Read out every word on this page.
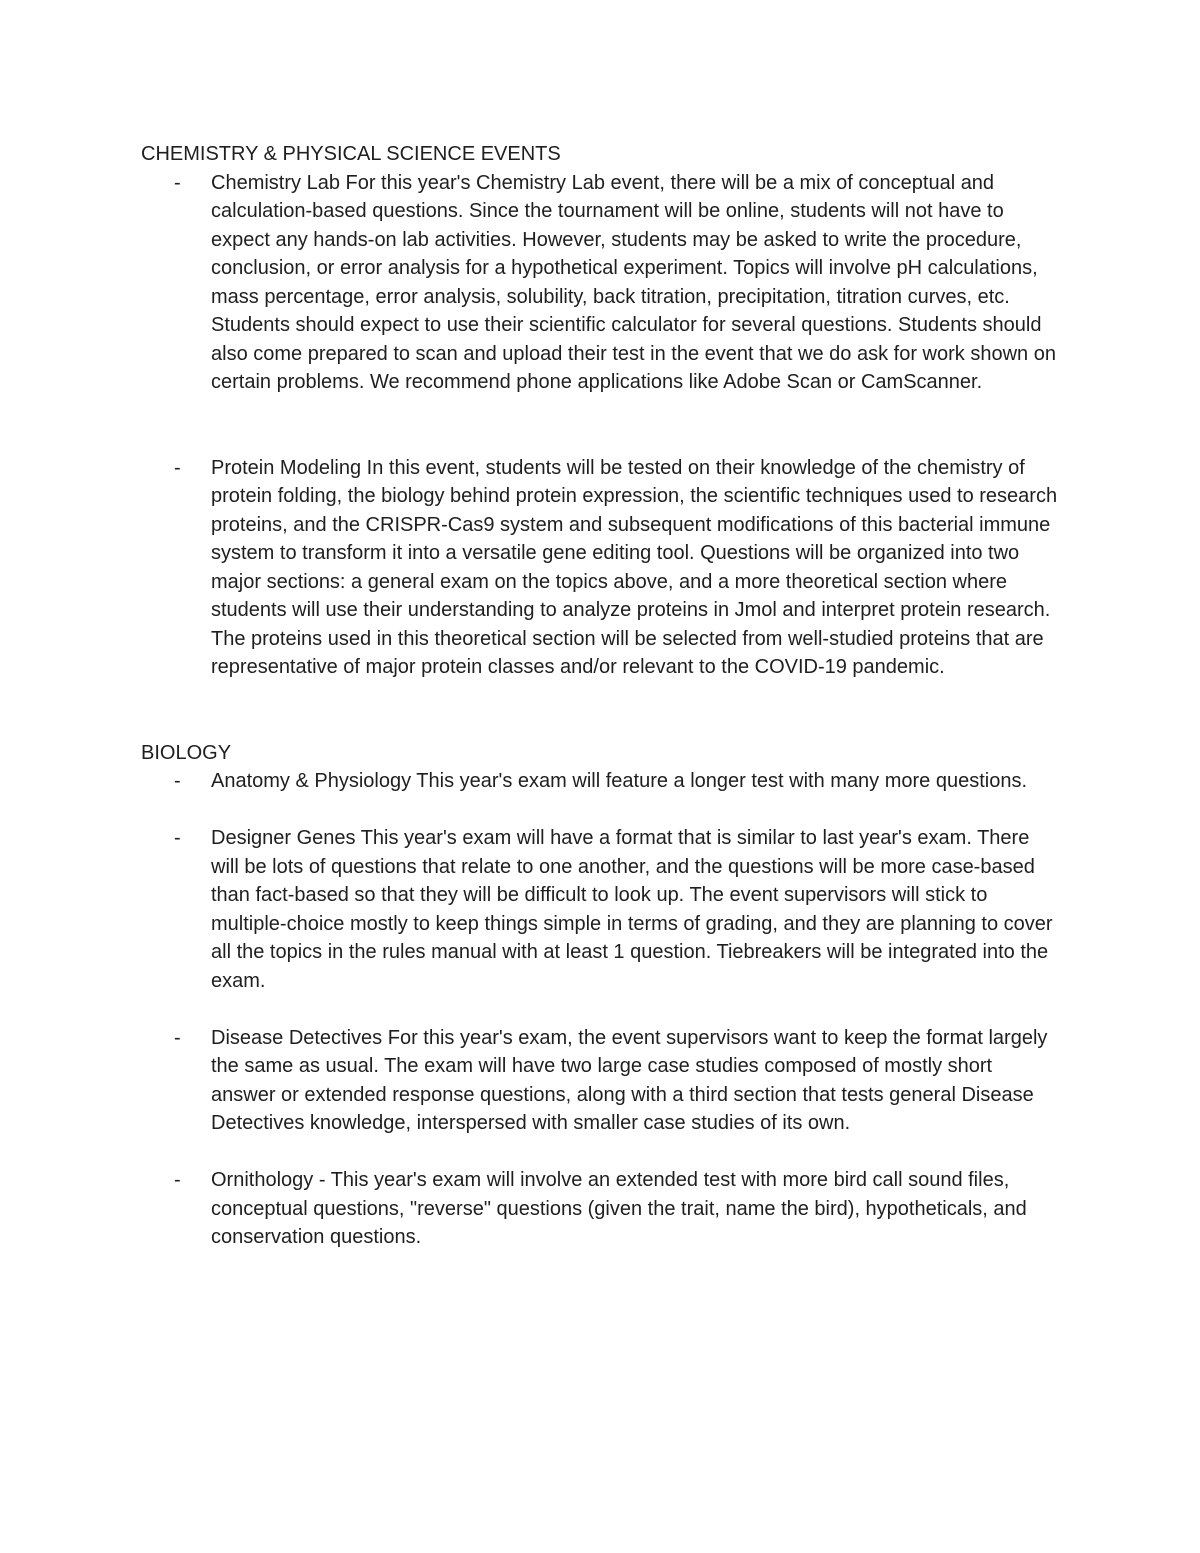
CHEMISTRY & PHYSICAL SCIENCE EVENTS
- Chemistry Lab For this year's Chemistry Lab event, there will be a mix of conceptual and calculation-based questions. Since the tournament will be online, students will not have to expect any hands-on lab activities. However, students may be asked to write the procedure, conclusion, or error analysis for a hypothetical experiment. Topics will involve pH calculations, mass percentage, error analysis, solubility, back titration, precipitation, titration curves, etc. Students should expect to use their scientific calculator for several questions. Students should also come prepared to scan and upload their test in the event that we do ask for work shown on certain problems. We recommend phone applications like Adobe Scan or CamScanner.
- Protein Modeling In this event, students will be tested on their knowledge of the chemistry of protein folding, the biology behind protein expression, the scientific techniques used to research proteins, and the CRISPR-Cas9 system and subsequent modifications of this bacterial immune system to transform it into a versatile gene editing tool. Questions will be organized into two major sections: a general exam on the topics above, and a more theoretical section where students will use their understanding to analyze proteins in Jmol and interpret protein research. The proteins used in this theoretical section will be selected from well-studied proteins that are representative of major protein classes and/or relevant to the COVID-19 pandemic.
BIOLOGY
- Anatomy & Physiology This year's exam will feature a longer test with many more questions.
- Designer Genes This year's exam will have a format that is similar to last year's exam. There will be lots of questions that relate to one another, and the questions will be more case-based than fact-based so that they will be difficult to look up. The event supervisors will stick to multiple-choice mostly to keep things simple in terms of grading, and they are planning to cover all the topics in the rules manual with at least 1 question. Tiebreakers will be integrated into the exam.
- Disease Detectives For this year's exam, the event supervisors want to keep the format largely the same as usual. The exam will have two large case studies composed of mostly short answer or extended response questions, along with a third section that tests general Disease Detectives knowledge, interspersed with smaller case studies of its own.
- Ornithology - This year's exam will involve an extended test with more bird call sound files, conceptual questions, "reverse" questions (given the trait, name the bird), hypotheticals, and conservation questions.
